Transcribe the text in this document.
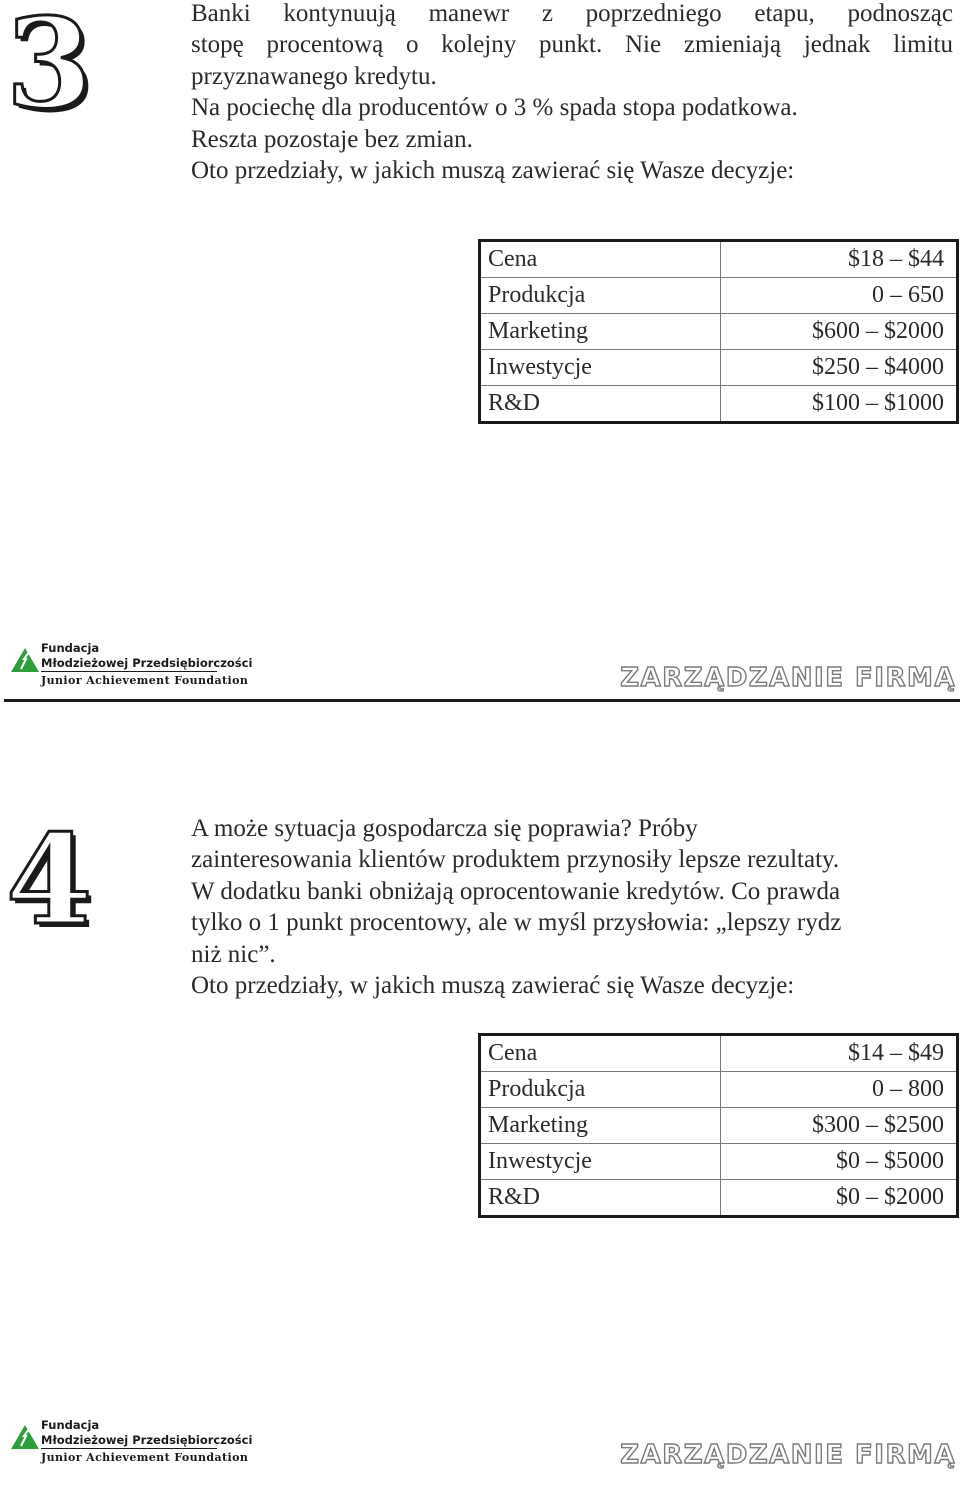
3	Banki kontynuują manewr z poprzedniego etapu, podnosząc
stopę procentową o kolejny punkt. Nie zmieniają jednak limitu
przyznawanego kredytu.
Na pociechę dla producentów o 3 % spada stopa podatkowa.
Reszta pozostaje bez zmian.
Oto przedziały, w jakich muszą zawierać się Wasze decyzje:
Cena	$18 – $44
Produkcja	0 – 650
Marketing	$600 – $2000
Inwestycje	$250 – $4000
R&D	$100 – $1000
Fundacja
Młodzieżowej Przedsiębiorczości
Junior Achievement Foundation	ZARZĄDZANIE FIRMĄ
4	A może sytuacja gospodarcza się poprawia? Próby
zainteresowania klientów produktem przynosiły lepsze rezultaty.
W dodatku banki obniżają oprocentowanie kredytów. Co prawda
tylko o 1 punkt procentowy, ale w myśl przysłowia: „lepszy rydz
niż nic”.
Oto przedziały, w jakich muszą zawierać się Wasze decyzje:
Cena	$14 – $49
Produkcja	0 – 800
Marketing	$300 – $2500
Inwestycje	$0 – $5000
R&D	$0 – $2000
Fundacja
Młodzieżowej Przedsiębiorczości
Junior Achievement Foundation	ZARZĄDZANIE FIRMĄ
